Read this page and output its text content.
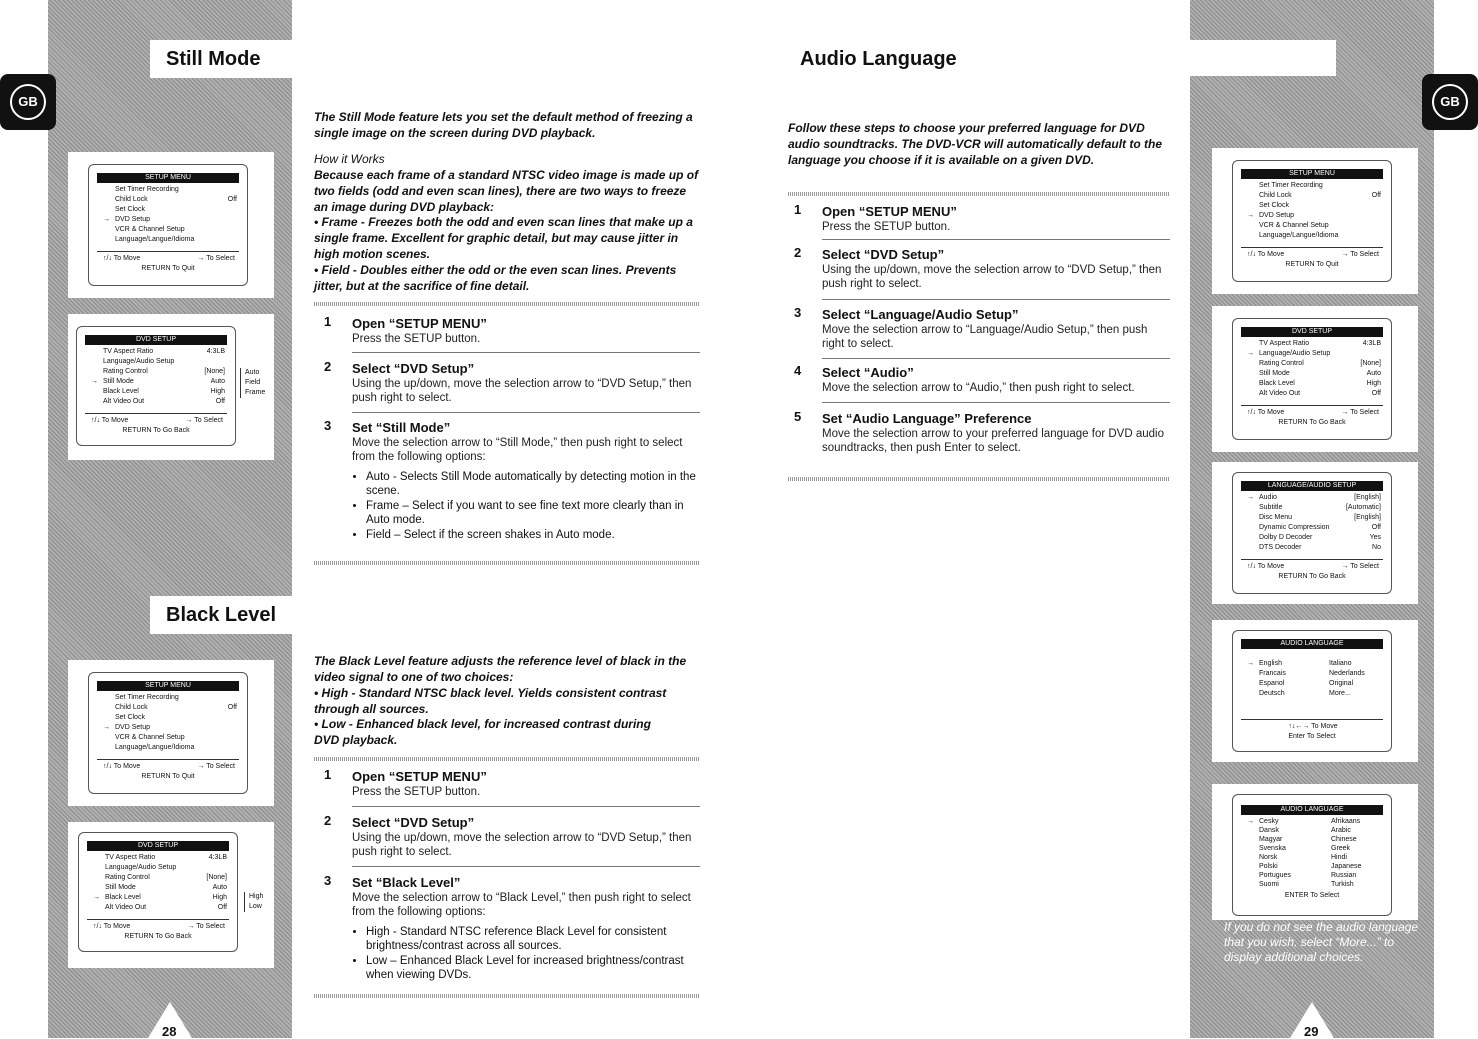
Still Mode
Black Level
GB
SETUP MENU
Set Timer Recording
Child Lock	Off
Set Clock
→ DVD Setup
VCR & Channel Setup
Language/Langue/Idioma
↑/↓ To Move	→ To Select
RETURN To Quit
DVD SETUP
TV Aspect Ratio	4:3LB
Language/Audio Setup
Rating Control	[None]
→ Still Mode	Auto
Black Level	High
Alt Video Out	Off
↑/↓ To Move	→ To Select
RETURN To Go Back
Auto
Field
Frame
SETUP MENU
Set Timer Recording
Child Lock	Off
Set Clock
→ DVD Setup
VCR & Channel Setup
Language/Langue/Idioma
↑/↓ To Move	→ To Select
RETURN To Quit
DVD SETUP
TV Aspect Ratio	4:3LB
Language/Audio Setup
Rating Control	[None]
Still Mode	Auto
→ Black Level	High
Alt Video Out	Off
↑/↓ To Move	→ To Select
RETURN To Go Back
High
Low
28
The Still Mode feature lets you set the default method of freezing a single image on the screen during DVD playback.
How it Works
Because each frame of a standard NTSC video image is made up of two fields (odd and even scan lines), there are two ways to freeze an image during DVD playback:
• Frame - Freezes both the odd and even scan lines that make up a single frame. Excellent for graphic detail, but may cause jitter in high motion scenes.
• Field - Doubles either the odd or the even scan lines. Prevents jitter, but at the sacrifice of fine detail.
1 Open “SETUP MENU”
Press the SETUP button.
2 Select “DVD Setup”
Using the up/down, move the selection arrow to “DVD Setup,” then push right to select.
3 Set “Still Mode”
Move the selection arrow to “Still Mode,” then push right to select from the following options:
• Auto - Selects Still Mode automatically by detecting motion in the scene.
• Frame – Select if you want to see fine text more clearly than in Auto mode.
• Field – Select if the screen shakes in Auto mode.
The Black Level feature adjusts the reference level of black in the video signal to one of two choices:
• High - Standard NTSC black level. Yields consistent contrast through all sources.
• Low - Enhanced black level, for increased contrast during DVD playback.
1 Open “SETUP MENU”
Press the SETUP button.
2 Select “DVD Setup”
Using the up/down, move the selection arrow to “DVD Setup,” then push right to select.
3 Set “Black Level”
Move the selection arrow to “Black Level,” then push right to select from the following options:
• High - Standard NTSC reference Black Level for consistent brightness/contrast across all sources.
• Low – Enhanced Black Level for increased brightness/contrast when viewing DVDs.
Audio Language
Follow these steps to choose your preferred language for DVD audio soundtracks. The DVD-VCR will automatically default to the language you choose if it is available on a given DVD.
1 Open “SETUP MENU”
Press the SETUP button.
2 Select “DVD Setup”
Using the up/down, move the selection arrow to “DVD Setup,” then push right to select.
3 Select “Language/Audio Setup”
Move the selection arrow to “Language/Audio Setup,” then push right to select.
4 Select “Audio”
Move the selection arrow to “Audio,” then push right to select.
5 Set “Audio Language” Preference
Move the selection arrow to your preferred language for DVD audio soundtracks, then push Enter to select.
GB
SETUP MENU
Set Timer Recording
Child Lock	Off
Set Clock
→ DVD Setup
VCR & Channel Setup
Language/Langue/Idioma
↑/↓ To Move	→ To Select
RETURN To Quit
DVD SETUP
TV Aspect Ratio	4:3LB
→ Language/Audio Setup
Rating Control	[None]
Still Mode	Auto
Black Level	High
Alt Video Out	Off
↑/↓ To Move	→ To Select
RETURN To Go Back
LANGUAGE/AUDIO SETUP
→ Audio	[English]
Subtitle	[Automatic]
Disc Menu	[English]
Dynamic Compression	Off
Dolby D Decoder	Yes
DTS Decoder	No
↑/↓ To Move	→ To Select
RETURN To Go Back
AUDIO LANGUAGE
→ English	Italiano
Francais	Nederlands
Espanol	Original
Deutsch	More...
↑↓←→ To Move
Enter To Select
AUDIO LANGUAGE
→ Cesky	Afrikaans
Dansk	Arabic
Magyar	Chinese
Svenska	Greek
Norsk	Hindi
Polski	Japanese
Portugues	Russian
Suomi	Turkish
ENTER To Select
If you do not see the audio language that you wish, select “More...” to display additional choices.
29
